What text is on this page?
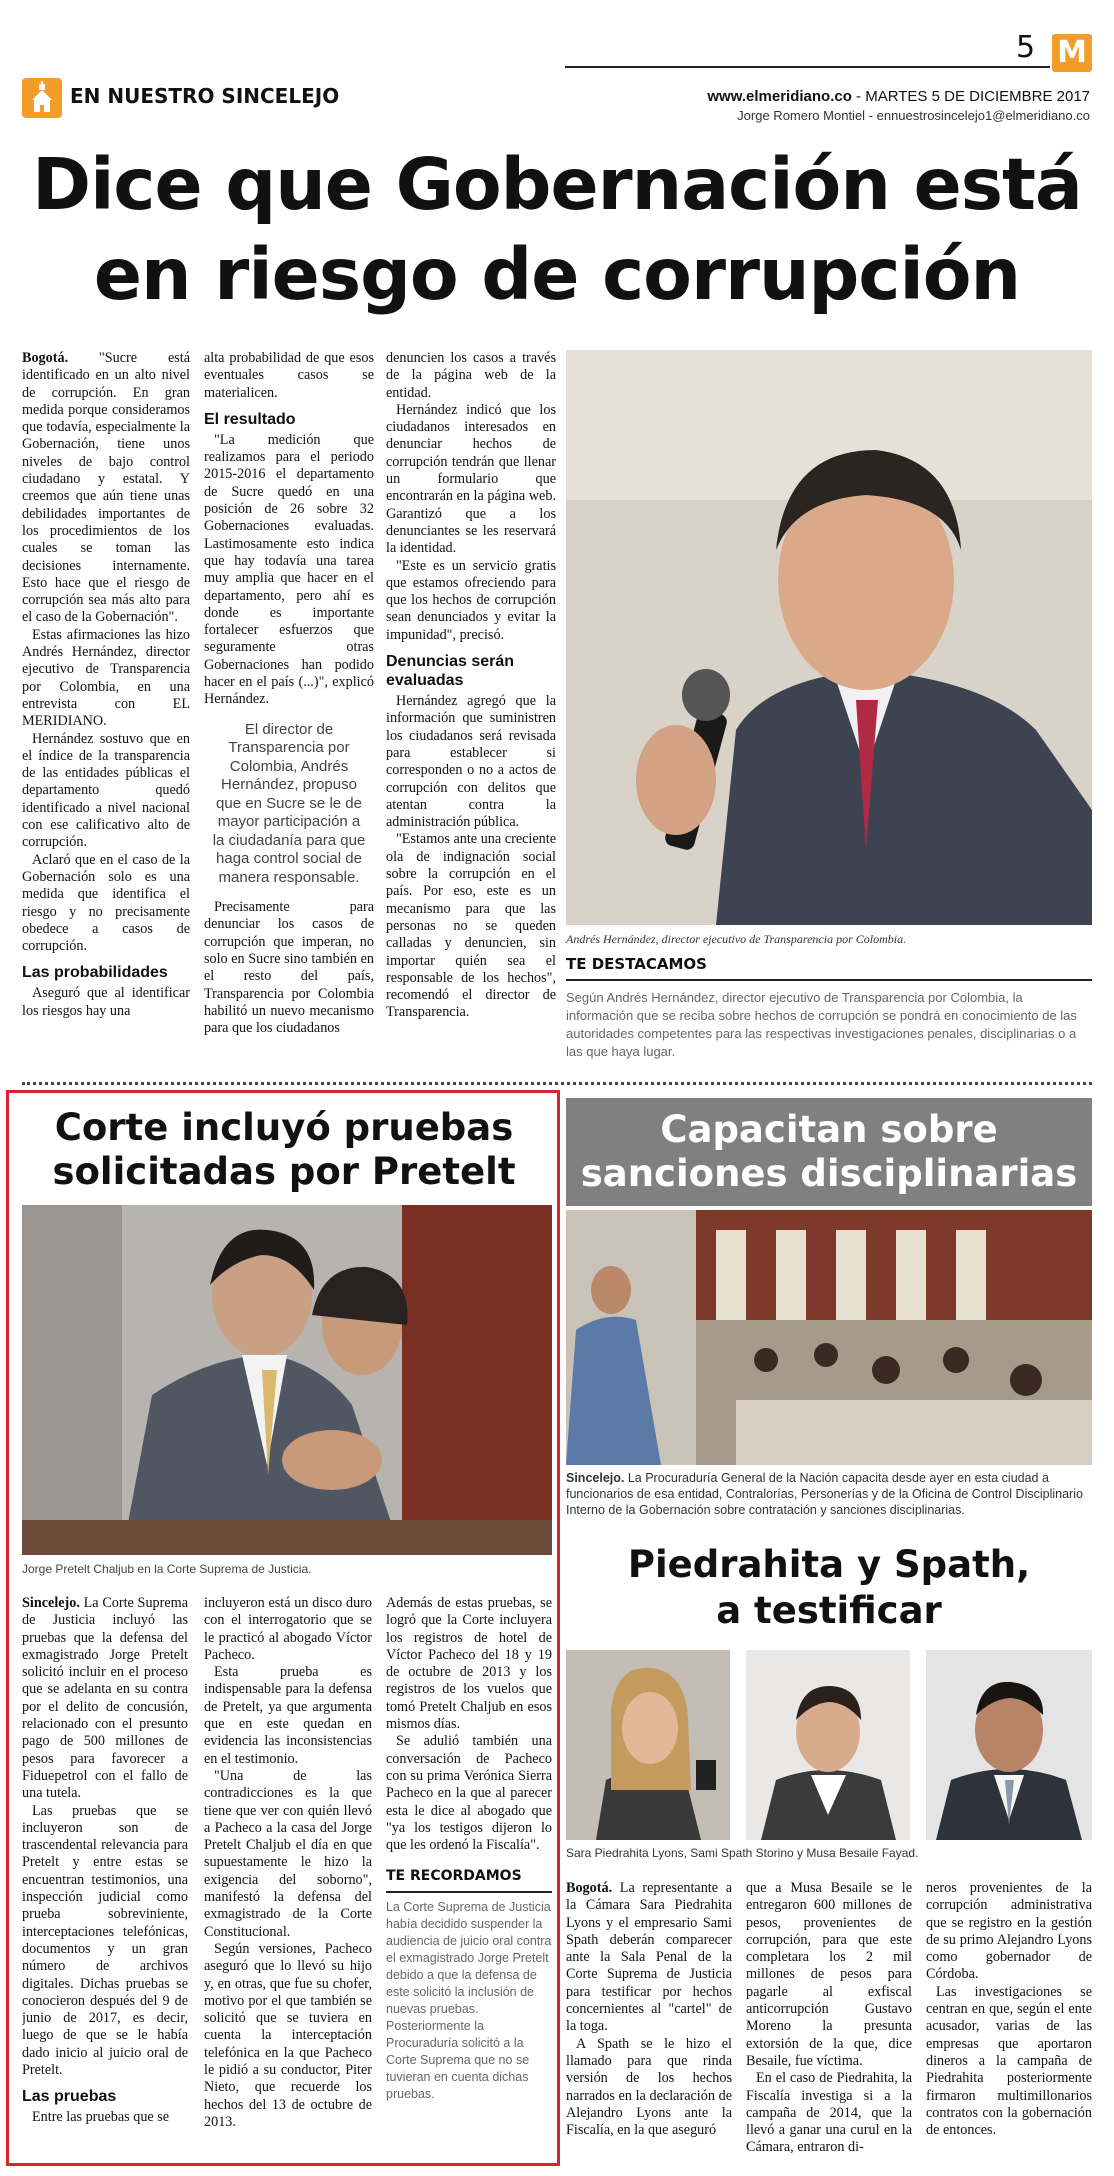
5 M
EN NUESTRO SINCELEJO	www.elmeridiano.co - MARTES 5 DE DICIEMBRE 2017
Jorge Romero Montiel - ennuestrosincelejo1@elmeridiano.co
Dice que Gobernación está
en riesgo de corrupción

Bogotá. "Sucre está identificado en un alto nivel de corrupción. En gran medida porque consideramos que todavía, especialmente la Gobernación, tiene unos niveles de bajo control ciudadano y estatal. Y creemos que aún tiene unas debilidades importantes de los procedimientos de los cuales se toman las decisiones internamente. Esto hace que el riesgo de corrupción sea más alto para el caso de la Gobernación".

Estas afirmaciones las hizo Andrés Hernández, director ejecutivo de Transparencia por Colombia, en una entrevista con EL MERIDIANO.

Hernández sostuvo que en el índice de la transparencia de las entidades públicas el departamento quedó identificado a nivel nacional con ese calificativo alto de corrupción.

Aclaró que en el caso de la Gobernación solo es una medida que identifica el riesgo y no precisamente obedece a casos de corrupción.

Las probabilidades

Aseguró que al identificar los riesgos hay una

alta probabilidad de que esos eventuales casos se materialicen.

El resultado

"La medición que realizamos para el periodo 2015-2016 el departamento de Sucre quedó en una posición de 26 sobre 32 Gobernaciones evaluadas. Lastimosamente esto indica que hay todavía una tarea muy amplia que hacer en el departamento, pero ahí es donde es importante fortalecer esfuerzos que seguramente otras Gobernaciones han podido hacer en el país (...)", explicó Hernández.

El director de Transparencia por Colombia, Andrés Hernández, propuso que en Sucre se le de mayor participación a la ciudadanía para que haga control social de manera responsable.

Precisamente para denunciar los casos de corrupción que imperan, no solo en Sucre sino también en el resto del país, Transparencia por Colombia habilitó un nuevo mecanismo para que los ciudadanos

denuncien los casos a través de la página web de la entidad.

Hernández indicó que los ciudadanos interesados en denunciar hechos de corrupción tendrán que llenar un formulario que encontrarán en la página web. Garantizó que a los denunciantes se les reservará la identidad.

"Este es un servicio gratis que estamos ofreciendo para que los hechos de corrupción sean denunciados y evitar la impunidad", precisó.

Denuncias serán evaluadas

Hernández agregó que la información que suministren los ciudadanos será revisada para establecer si corresponden o no a actos de corrupción con delitos que atentan contra la administración pública.

"Estamos ante una creciente ola de indignación social sobre la corrupción en el país. Por eso, este es un mecanismo para que las personas no se queden calladas y denuncien, sin importar quién sea el responsable de los hechos", recomendó el director de Transparencia.

Andrés Hernández, director ejecutivo de Transparencia por Colombia.
TE DESTACAMOS
Según Andrés Hernández, director ejecutivo de Transparencia por Colombia, la información que se reciba sobre hechos de corrupción se pondrá en conocimiento de las autoridades competentes para las respectivas investigaciones penales, disciplinarias o a las que haya lugar.
Corte incluyó pruebas
solicitadas por Pretelt
Jorge Pretelt Chaljub en la Corte Suprema de Justicia.

Sincelejo. La Corte Suprema de Justicia incluyó las pruebas que la defensa del exmagistrado Jorge Pretelt solicitó incluir en el proceso que se adelanta en su contra por el delito de concusión, relacionado con el presunto pago de 500 millones de pesos para favorecer a Fiduepetrol con el fallo de una tutela.

Las pruebas que se incluyeron son de trascendental relevancia para Pretelt y entre estas se encuentran testimonios, una inspección judicial como prueba sobreviniente, interceptaciones telefónicas, documentos y un gran número de archivos digitales. Dichas pruebas se conocieron después del 9 de junio de 2017, es decir, luego de que se le había dado inicio al juicio oral de Pretelt.

Las pruebas

Entre las pruebas que se

incluyeron está un disco duro con el interrogatorio que se le practicó al abogado Víctor Pacheco.

Esta prueba es indispensable para la defensa de Pretelt, ya que argumenta que en este quedan en evidencia las inconsistencias en el testimonio.

"Una de las contradicciones es la que tiene que ver con quién llevó a Pacheco a la casa del Jorge Pretelt Chaljub el día en que supuestamente le hizo la exigencia del soborno", manifestó la defensa del exmagistrado de la Corte Constitucional.

Según versiones, Pacheco aseguró que lo llevó su hijo y, en otras, que fue su chofer, motivo por el que también se solicitó que se tuviera en cuenta la interceptación telefónica en la que Pacheco le pidió a su conductor, Piter Nieto, que recuerde los hechos del 13 de octubre de 2013.

Además de estas pruebas, se logró que la Corte incluyera los registros de hotel de Víctor Pacheco del 18 y 19 de octubre de 2013 y los registros de los vuelos que tomó Pretelt Chaljub en esos mismos días.

Se adulió también una conversación de Pacheco con su prima Verónica Sierra Pacheco en la que al parecer esta le dice al abogado que "ya los testigos dijeron lo que les ordenó la Fiscalía".

TE RECORDAMOS
La Corte Suprema de Justicia había decidido suspender la audiencia de juicio oral contra el exmagistrado Jorge Pretelt debido a que la defensa de este solicitó la inclusión de nuevas pruebas. Posteriormente la Procuraduría solicitó a la Corte Suprema que no se tuvieran en cuenta dichas pruebas.
Capacitan sobre
sanciones disciplinarias
Sincelejo. La Procuraduría General de la Nación capacita desde ayer en esta ciudad a funcionarios de esa entidad, Contralorías, Personerías y de la Oficina de Control Disciplinario Interno de la Gobernación sobre contratación y sanciones disciplinarias.
Piedrahita y Spath,
a testificar
Sara Piedrahita Lyons, Sami Spath Storino y Musa Besaile Fayad.

Bogotá. La representante a la Cámara Sara Piedrahita Lyons y el empresario Sami Spath deberán comparecer ante la Sala Penal de la Corte Suprema de Justicia para testificar por hechos concernientes al "cartel" de la toga.

A Spath se le hizo el llamado para que rinda versión de los hechos narrados en la declaración de Alejandro Lyons ante la Fiscalía, en la que aseguró

que a Musa Besaile se le entregaron 600 millones de pesos, provenientes de corrupción, para que este completara los 2 mil millones de pesos para pagarle al exfiscal anticorrupción Gustavo Moreno la presunta extorsión de la que, dice Besaile, fue víctima.

En el caso de Piedrahita, la Fiscalía investiga si a la campaña de 2014, que la llevó a ganar una curul en la Cámara, entraron di-

neros provenientes de la corrupción administrativa que se registro en la gestión de su primo Alejandro Lyons como gobernador de Córdoba.

Las investigaciones se centran en que, según el ente acusador, varias de las empresas que aportaron dineros a la campaña de Piedrahita posteriormente firmaron multimillonarios contratos con la gobernación de entonces.
